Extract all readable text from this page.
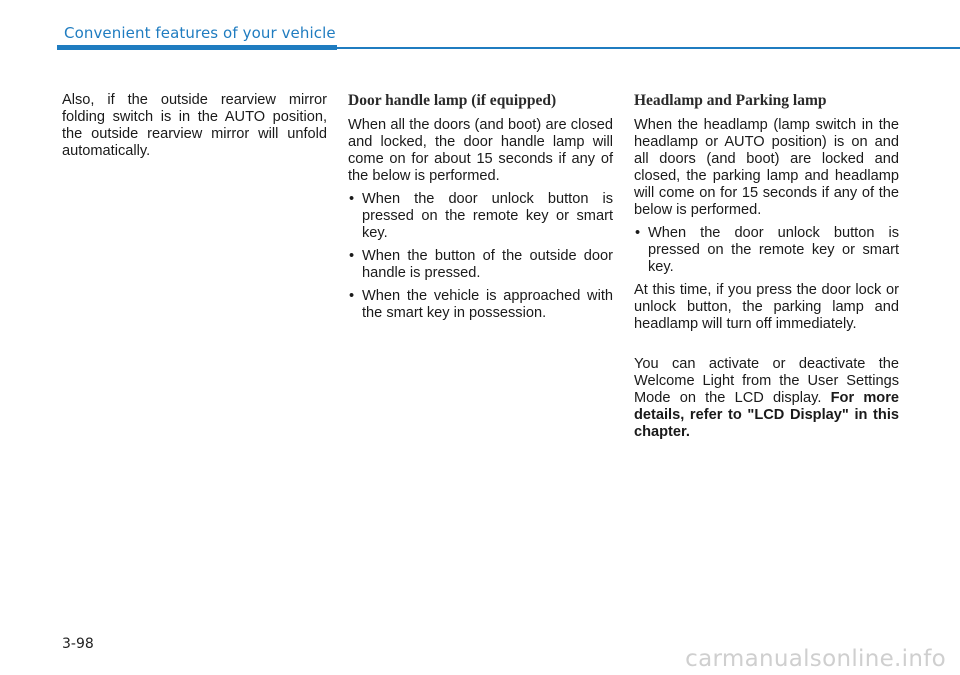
Convenient features of your vehicle

Also, if the outside rearview mirror folding switch is in the AUTO position, the outside rearview mirror will unfold automatically.

Door handle lamp (if equipped)

When all the doors (and boot) are closed and locked, the door handle lamp will come on for about 15 seconds if any of the below is performed.

• When the door unlock button is pressed on the remote key or smart key.
• When the button of the outside door handle is pressed.
• When the vehicle is approached with the smart key in possession.
Headlamp and Parking lamp

When the headlamp (lamp switch in the headlamp or AUTO position) is on and all doors (and boot) are locked and closed, the parking lamp and headlamp will come on for 15 seconds if any of the below is performed.

• When the door unlock button is pressed on the remote key or smart key.

At this time, if you press the door lock or unlock button, the parking lamp and headlamp will turn off immediately.

You can activate or deactivate the Welcome Light from the User Settings Mode on the LCD display. For more details, refer to "LCD Display" in this chapter.

3-98
carmanualsonline.info
